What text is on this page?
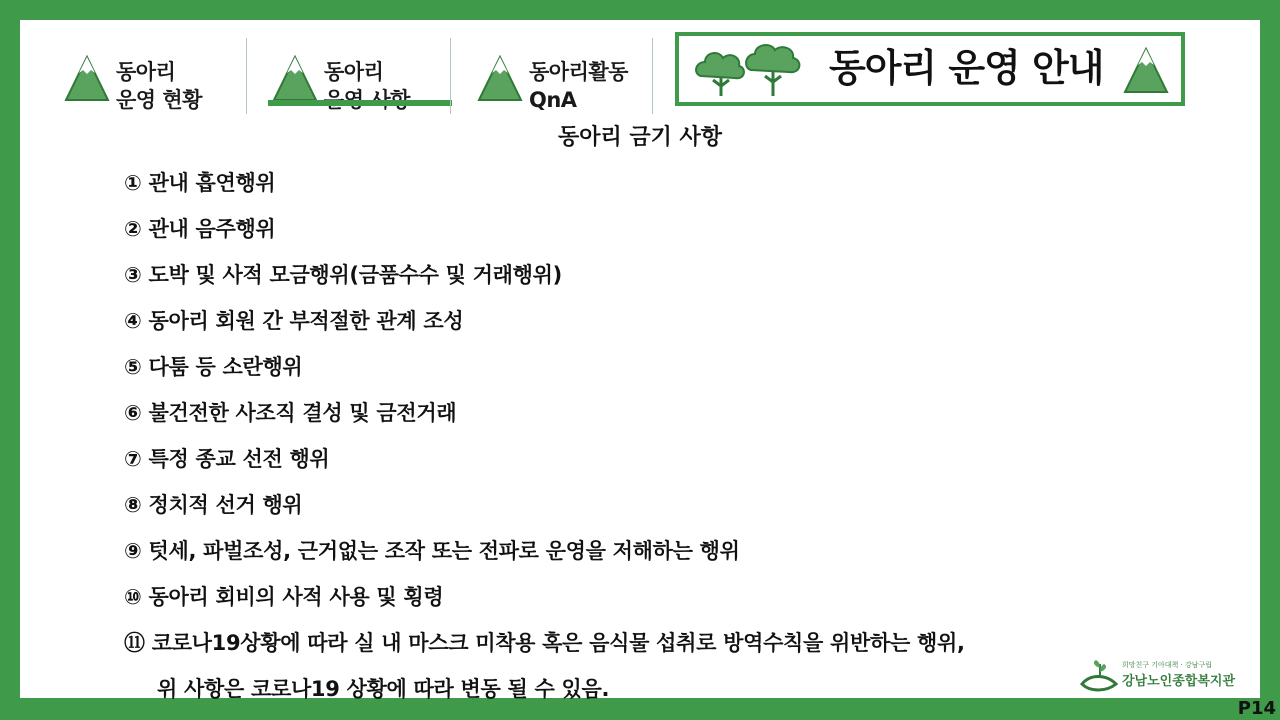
동아리
운영 현황
동아리	동아리활동
QnA
동아리 운영 안내
동아리 금기 사항
① 관내 흡연행위
② 관내 음주행위
③ 도박 및 사적 모금행위(금품수수 및 거래행위)
④ 동아리 회원 간 부적절한 관계 조성
⑤ 다툼 등 소란행위
⑥ 불건전한 사조직 결성 및 금전거래
⑦ 특정 종교 선전 행위
⑧ 정치적 선거 행위
⑨ 텃세, 파벌조성, 근거없는 조작 또는 전파로 운영을 저해하는 행위
⑩ 동아리 회비의 사적 사용 및 횡령
⑪ 코로나19상황에 따라 실 내 마스크 미착용 혹은 음식물 섭취로 방역수칙을 위반하는 행위,
위 사항은 코로나19 상황에 따라 변동 될 수 있음.
희망친구 기아대책 · 강남구립
강남노인종합복지관
P14
